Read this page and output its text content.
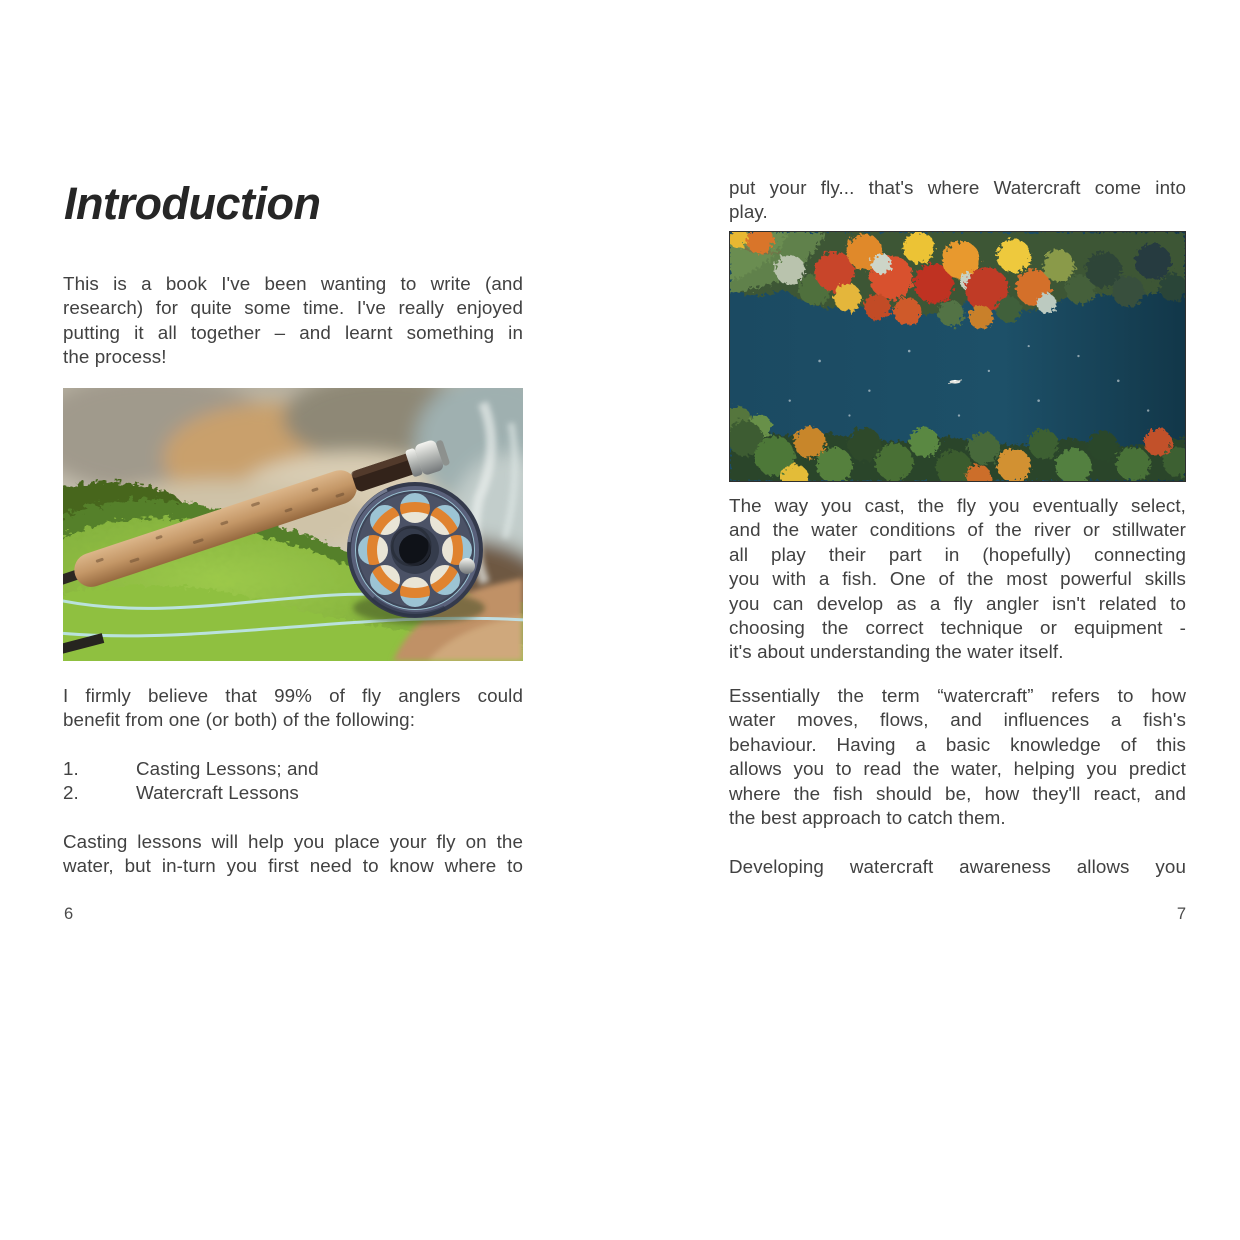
Introduction
This is a book I've been wanting to write (and
research) for quite some time. I've really enjoyed
putting it all together – and learnt something in
the process!
I firmly believe that 99% of fly anglers could
benefit from one (or both) of the following:
1.	Casting Lessons; and
2.	Watercraft Lessons
Casting lessons will help you place your fly on the
water, but in-turn you first need to know where to
6
put your fly... that's where Watercraft come into
play.
The way you cast, the fly you eventually select,
and the water conditions of the river or stillwater
all play their part in (hopefully) connecting
you with a fish. One of the most powerful skills
you can develop as a fly angler isn't related to
choosing the correct technique or equipment -
it's about understanding the water itself.
Essentially the term “watercraft” refers to how
water moves, flows, and influences a fish's
behaviour. Having a basic knowledge of this
allows you to read the water, helping you predict
where the fish should be, how they'll react, and
the best approach to catch them.
Developing watercraft awareness allows you
7
